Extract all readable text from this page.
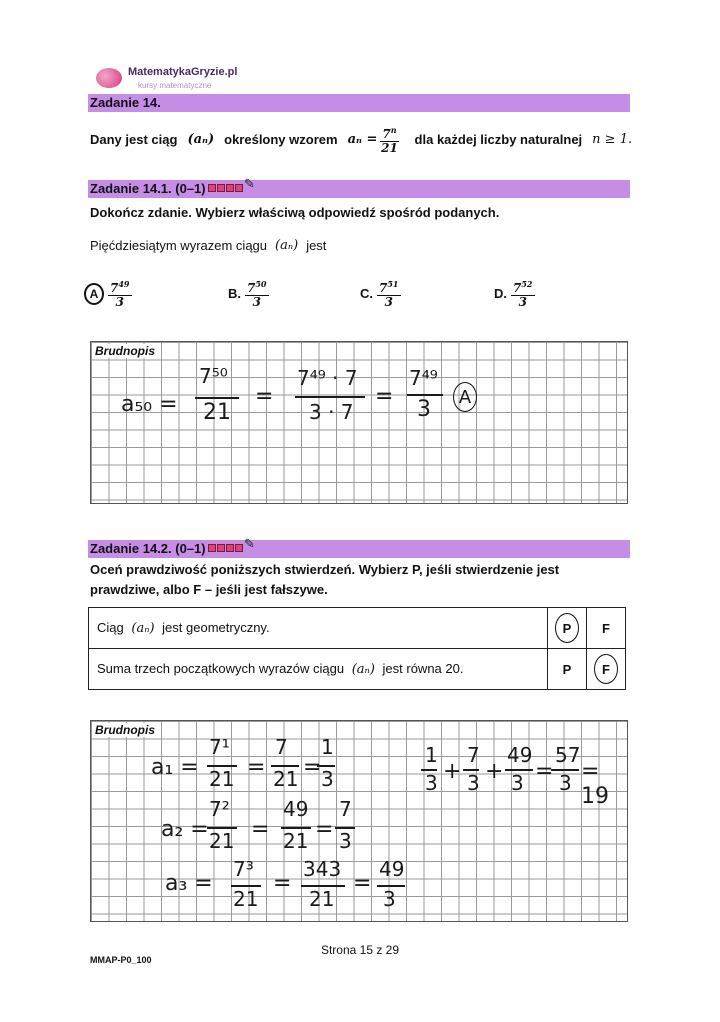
MatematykaGryzie.pl
kursy matematyczne
Zadanie 14.
Dany jest ciąg (aₙ) określony wzorem $a_n = \frac{7^n}{21}$ dla każdej liczby naturalnej n ≥ 1.
Zadanie 14.1. (0–1)	✎
Dokończ zdanie. Wybierz właściwą odpowiedź spośród podanych.
Pięćdziesiątym wyrazem ciągu (aₙ) jest
A $\frac{7^{49}}{3}$	B. $\frac{7^{50}}{3}$	C. $\frac{7^{51}}{3}$	D. $\frac{7^{52}}{3}$
Brudnopis
a₅₀ =
7⁵⁰
21
=
7⁴⁹ · 7
3 · 7
=
7⁴⁹
3	A
Zadanie 14.2. (0–1)	✎
Oceń prawdziwość poniższych stwierdzeń. Wybierz P, jeśli stwierdzenie jest
prawdziwe, albo F – jeśli jest fałszywe.
Ciąg (aₙ) jest geometryczny.	P	F
Suma trzech początkowych wyrazów ciągu (aₙ) jest równa 20.	P	F
Brudnopis
a₁ =
7¹
21 =
7
21 =
1
3
a₂ =
7²
21 =
49
21 =
7
3
a₃ =
7³
21
=
343
21
=
49
3
1
3 +
7
3 +
49
3 =
57
3 = 19
Strona 15 z 29
MMAP-P0_100
